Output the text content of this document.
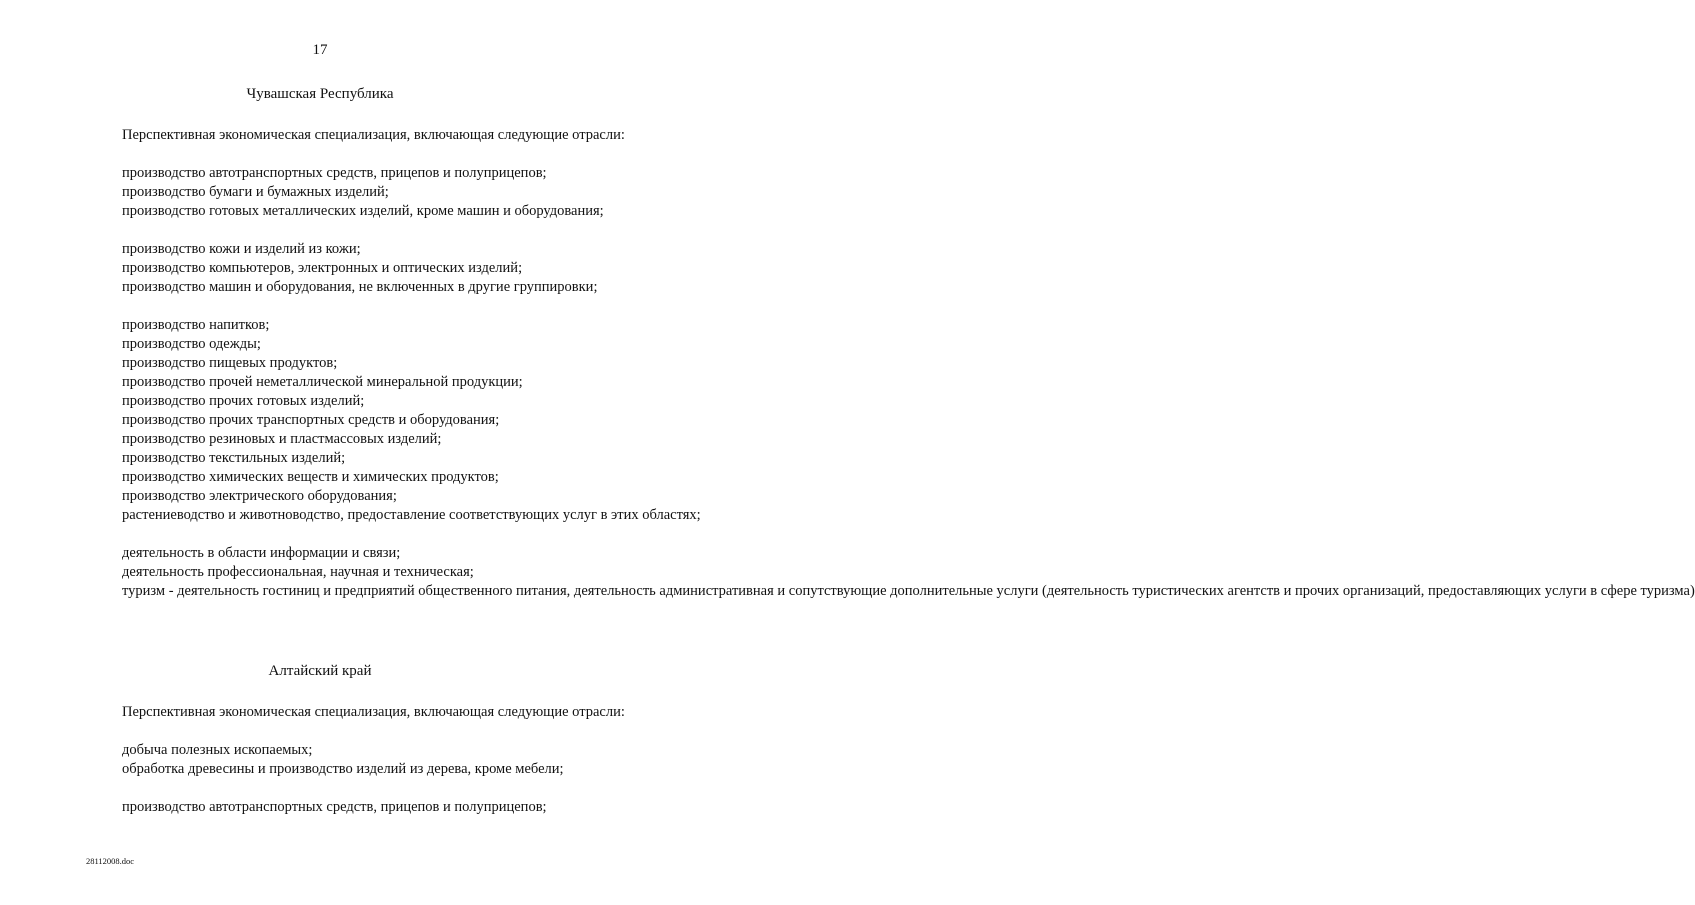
17
Чувашская Республика
Перспективная экономическая специализация, включающая следующие отрасли:
производство автотранспортных средств, прицепов и полуприцепов;
производство бумаги и бумажных изделий;
производство готовых металлических изделий, кроме машин и оборудования;
производство кожи и изделий из кожи;
производство компьютеров, электронных и оптических изделий;
производство машин и оборудования, не включенных в другие группировки;
производство напитков;
производство одежды;
производство пищевых продуктов;
производство прочей неметаллической минеральной продукции;
производство прочих готовых изделий;
производство прочих транспортных средств и оборудования;
производство резиновых и пластмассовых изделий;
производство текстильных изделий;
производство химических веществ и химических продуктов;
производство электрического оборудования;
растениеводство и животноводство, предоставление соответствующих услуг в этих областях;
деятельность в области информации и связи;
деятельность профессиональная, научная и техническая;
туризм - деятельность гостиниц и предприятий общественного питания, деятельность административная и сопутствующие дополнительные услуги (деятельность туристических агентств и прочих организаций, предоставляющих услуги в сфере туризма)
Алтайский край
Перспективная экономическая специализация, включающая следующие отрасли:
добыча полезных ископаемых;
обработка древесины и производство изделий из дерева, кроме мебели;
производство автотранспортных средств, прицепов и полуприцепов;
28112008.doc
